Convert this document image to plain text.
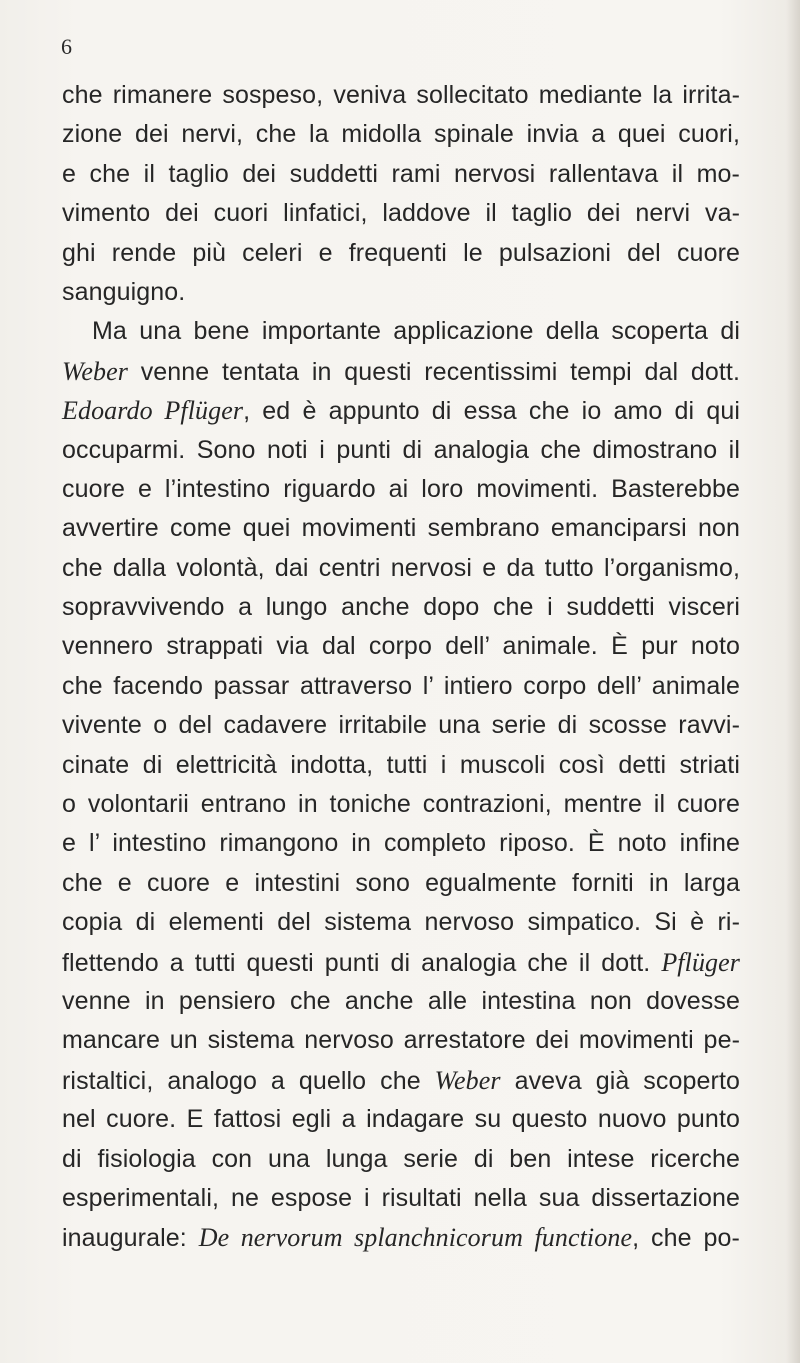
6
che rimanere sospeso, veniva sollecitato mediante la irrita-
zione dei nervi, che la midolla spinale invia a quei cuori,
e che il taglio dei suddetti rami nervosi rallentava il mo-
vimento dei cuori linfatici, laddove il taglio dei nervi va-
ghi rende più celeri e frequenti le pulsazioni del cuore
sanguigno.
Ma una bene importante applicazione della scoperta di
Weber venne tentata in questi recentissimi tempi dal dott.
Edoardo Pflüger, ed è appunto di essa che io amo di qui
occuparmi. Sono noti i punti di analogia che dimostrano il
cuore e l’intestino riguardo ai loro movimenti. Basterebbe
avvertire come quei movimenti sembrano emanciparsi non
che dalla volontà, dai centri nervosi e da tutto l’organismo,
sopravvivendo a lungo anche dopo che i suddetti visceri
vennero strappati via dal corpo dell’ animale. È pur noto
che facendo passar attraverso l’ intiero corpo dell’ animale
vivente o del cadavere irritabile una serie di scosse ravvi-
cinate di elettricità indotta, tutti i muscoli così detti striati
o volontarii entrano in toniche contrazioni, mentre il cuore
e l’ intestino rimangono in completo riposo. È noto infine
che e cuore e intestini sono egualmente forniti in larga
copia di elementi del sistema nervoso simpatico. Si è ri-
flettendo a tutti questi punti di analogia che il dott. Pflüger
venne in pensiero che anche alle intestina non dovesse
mancare un sistema nervoso arrestatore dei movimenti pe-
ristaltici, analogo a quello che Weber aveva già scoperto
nel cuore. E fattosi egli a indagare su questo nuovo punto
di fisiologia con una lunga serie di ben intese ricerche
esperimentali, ne espose i risultati nella sua dissertazione
inaugurale: De nervorum splanchnicorum functione, che po-
